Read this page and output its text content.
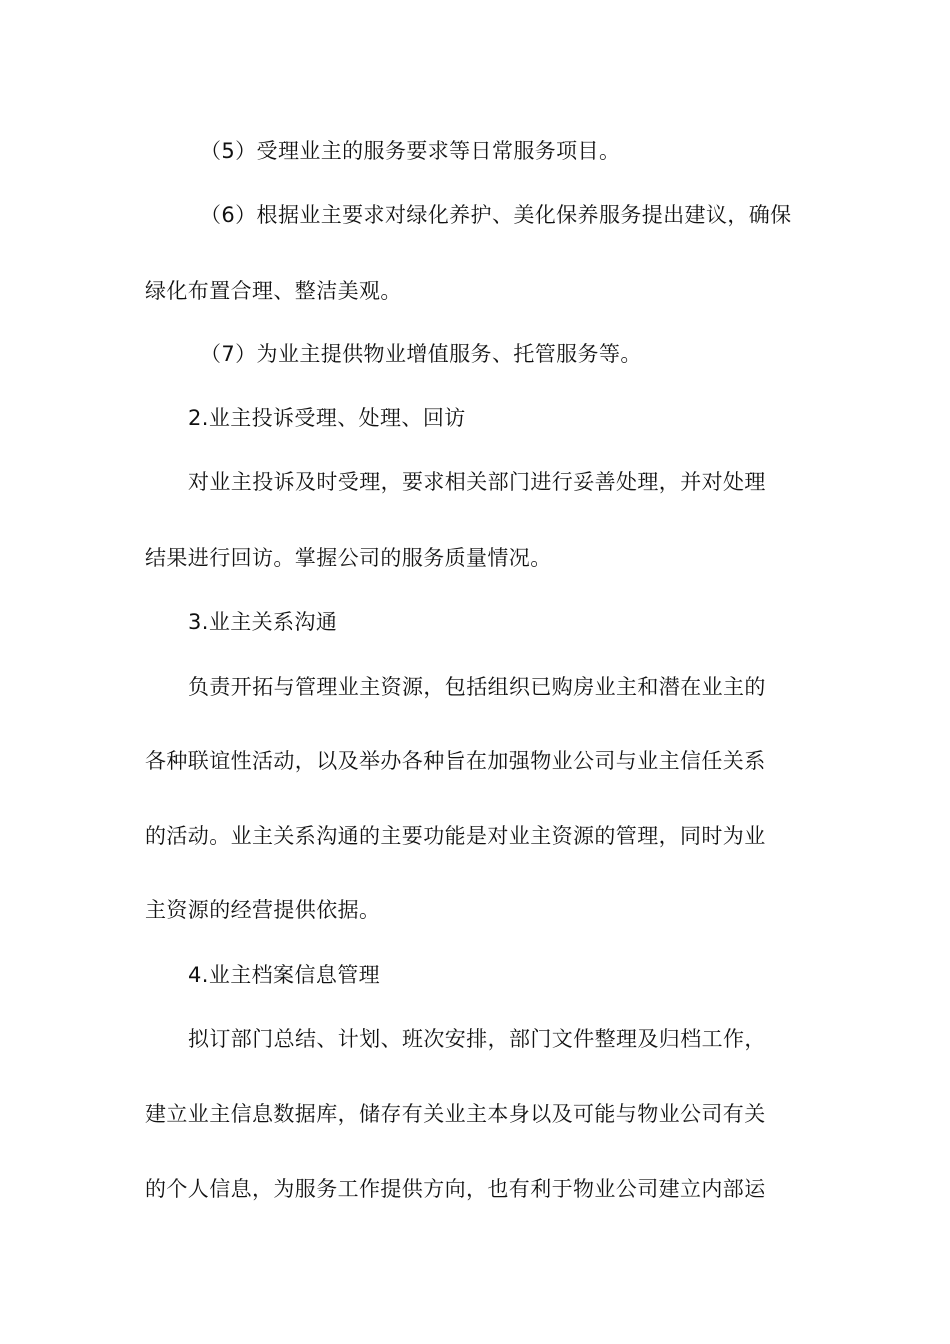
（5）受理业主的服务要求等日常服务项目。
（6）根据业主要求对绿化养护、美化保养服务提出建议，确保
绿化布置合理、整洁美观。
（7）为业主提供物业增值服务、托管服务等。
2.业主投诉受理、处理、回访
对业主投诉及时受理，要求相关部门进行妥善处理，并对处理
结果进行回访。掌握公司的服务质量情况。
3.业主关系沟通
负责开拓与管理业主资源，包括组织已购房业主和潜在业主的
各种联谊性活动，以及举办各种旨在加强物业公司与业主信任关系
的活动。业主关系沟通的主要功能是对业主资源的管理，同时为业
主资源的经营提供依据。
4.业主档案信息管理
拟订部门总结、计划、班次安排，部门文件整理及归档工作，
建立业主信息数据库，储存有关业主本身以及可能与物业公司有关
的个人信息，为服务工作提供方向，也有利于物业公司建立内部运
